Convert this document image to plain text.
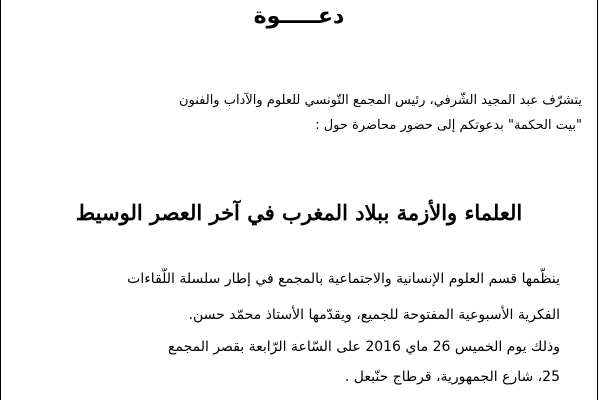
دعـــــوة
يتشرّف عبد المجيد الشّرفي، رئيس المجمع التّونسي للعلوم والآداب والفنون
"بيت الحكمة" بدعوتكم إلى حضور محاضرة حول :
العلماء والأزمة ببلاد المغرب في آخر العصر الوسيط
ينظّمها قسم العلوم الإنسانية والاجتماعية بالمجمع في إطار سلسلة اللّقاءات
الفكرية الأسبوعية المفتوحة للجميع، ويقدّمها الأستاذ محمّد حسن.
وذلك يوم الخميس 26 ماي 2016 على السّاعة الرّابعة بقصر المجمع
25، شارع الجمهورية، قرطاج حنّبعل .
